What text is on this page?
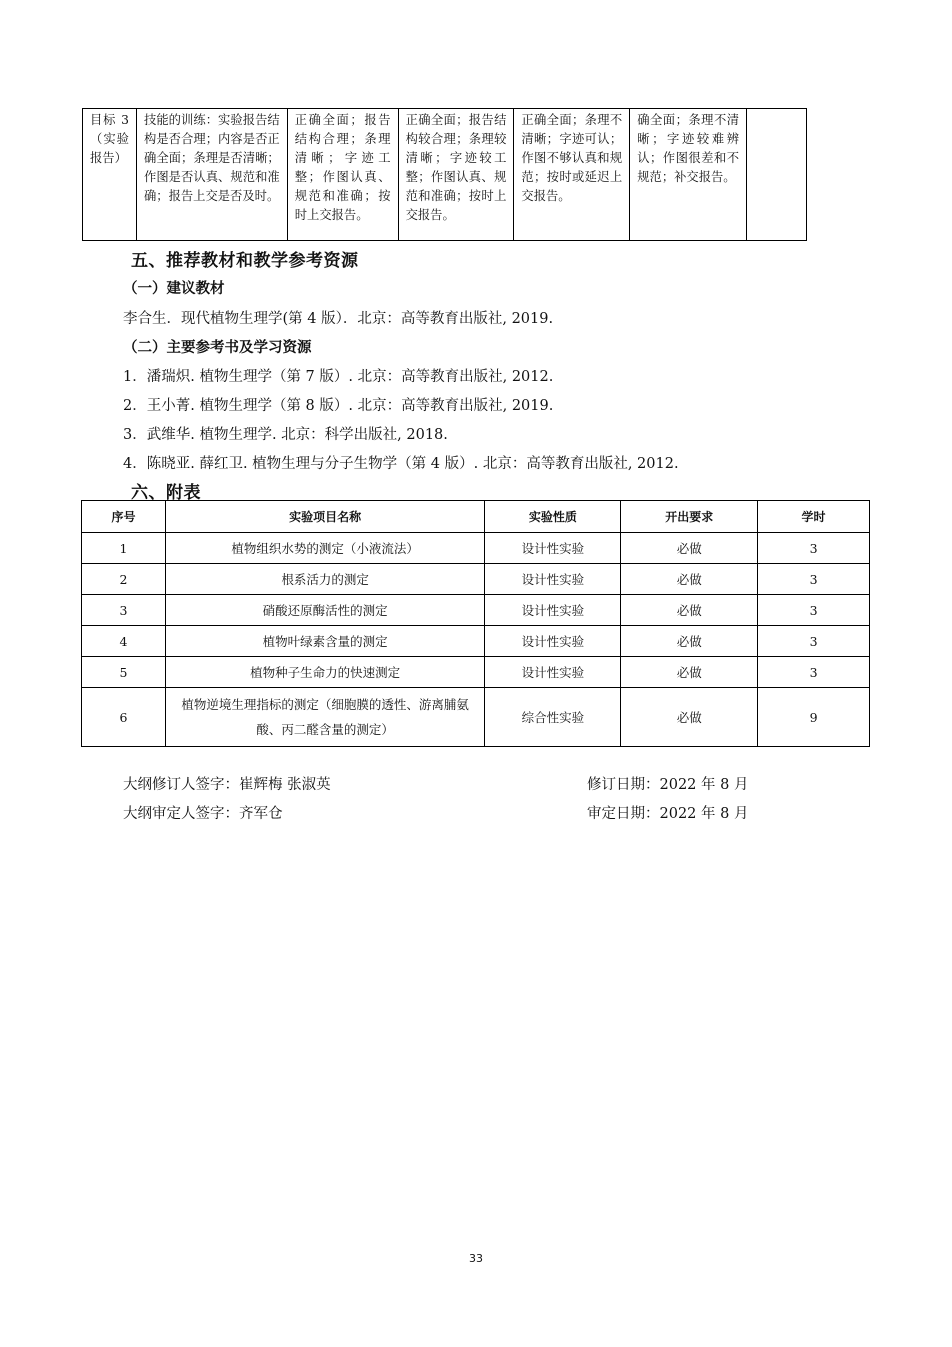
目标 3（实验报告）	技能的训练：实验报告结构是否合理；内容是否正确全面；条理是否清晰；作图是否认真、规范和准确；报告上交是否及时。	正确全面；报告结构合理；条理清晰；字迹工整；作图认真、规范和准确；按时上交报告。	正确全面；报告结构较合理；条理较清晰；字迹较工整；作图认真、规范和准确；按时上交报告。	正确全面；条理不清晰；字迹可认；作图不够认真和规范；按时或延迟上交报告。	确全面；条理不清晰；字迹较难辨认；作图很差和不规范；补交报告。	
五、推荐教材和教学参考资源
（一）建议教材
李合生．现代植物生理学(第 4 版）．北京：高等教育出版社, 2019.
（二）主要参考书及学习资源
1．潘瑞炽. 植物生理学（第 7 版）. 北京：高等教育出版社, 2012.
2．王小菁. 植物生理学（第 8 版）. 北京：高等教育出版社, 2019.
3．武维华. 植物生理学. 北京：科学出版社, 2018.
4．陈晓亚. 薛红卫. 植物生理与分子生物学（第 4 版）. 北京：高等教育出版社, 2012.
六、附表
序号	实验项目名称	实验性质	开出要求	学时
1	植物组织水势的测定（小液流法）	设计性实验	必做	3
2	根系活力的测定	设计性实验	必做	3
3	硝酸还原酶活性的测定	设计性实验	必做	3
4	植物叶绿素含量的测定	设计性实验	必做	3
5	植物种子生命力的快速测定	设计性实验	必做	3
6	植物逆境生理指标的测定（细胞膜的透性、游离脯氨酸、丙二醛含量的测定）	综合性实验	必做	9
大纲修订人签字：崔辉梅 张淑英	修订日期：2022 年 8 月
大纲审定人签字：齐军仓	审定日期：2022 年 8 月
33
